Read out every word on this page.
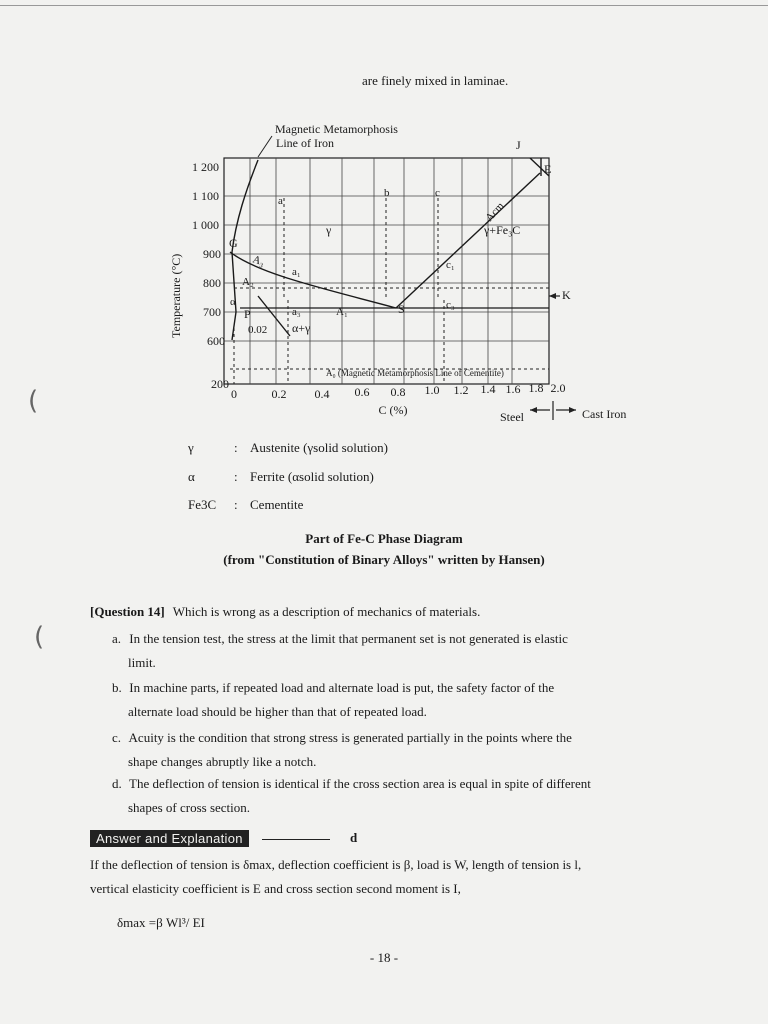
are finely mixed in laminae.
Magnetic Metamorphosis
Line of Iron
1 200
1 100
1 000
900
800
700
600
200
Temperature (°C)
0	0.2 0.4 0.6 0.8 1.0 1.2 1.4 1.6 1.8 2.0
C (%)
J
E
G
S
K
P
a
b	c
a₁
c₁
c₃
a₃
α
γ	γ+Fe₃C
α+γ
0.02
Acm
A₃
A₂
A₁
A₀ (Magnetic Metamorphosis Line of Cementite)
Steel	Cast Iron
(
(
γ	: Austenite (γsolid solution)
α	: Ferrite (αsolid solution)
Fe3C : Cementite
Part of Fe-C Phase Diagram
(from "Constitution of Binary Alloys" written by Hansen)
[Question 14] Which is wrong as a description of mechanics of materials.
a. In the tension test, the stress at the limit that permanent set is not generated is elastic
limit.
b. In machine parts, if repeated load and alternate load is put, the safety factor of the
alternate load should be higher than that of repeated load.
c. Acuity is the condition that strong stress is generated partially in the points where the
shape changes abruptly like a notch.
d. The deflection of tension is identical if the cross section area is equal in spite of different
shapes of cross section.
Answer and Explanation	d
If the deflection of tension is δmax, deflection coefficient is β, load is W, length of tension is l,
vertical elasticity coefficient is E and cross section second moment is I,
δmax =β Wl³/ EI
- 18 -
